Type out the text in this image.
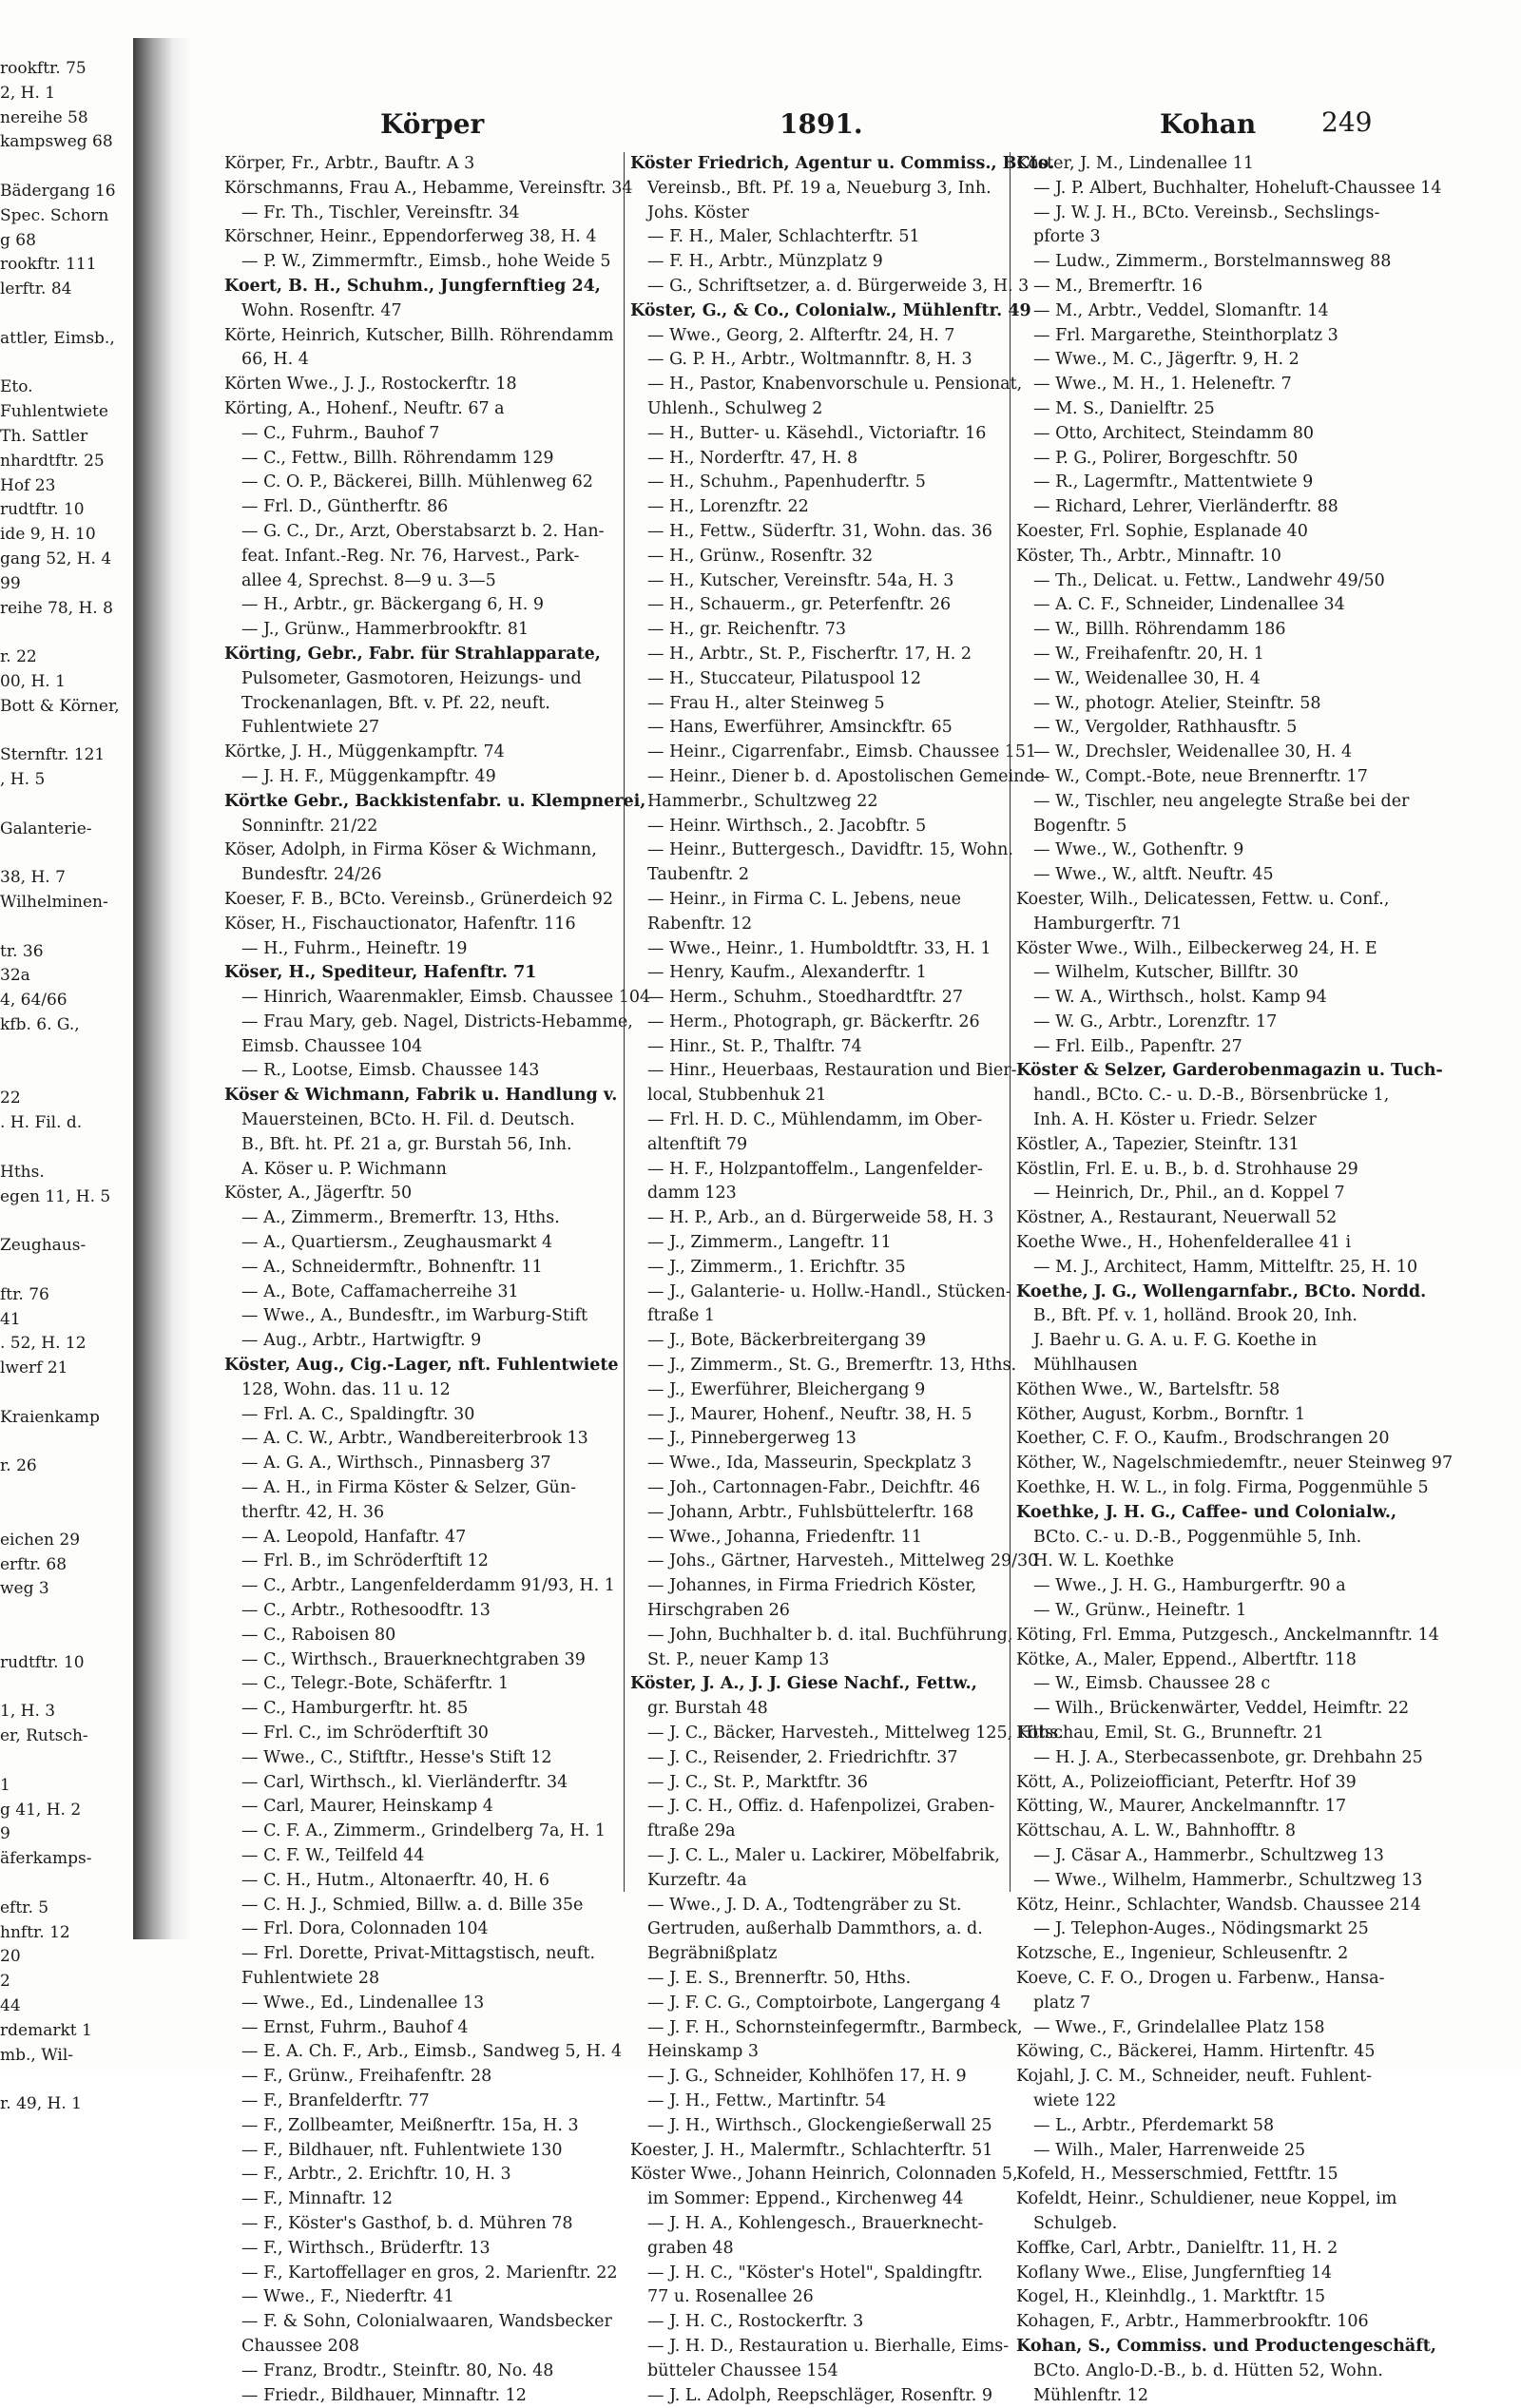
rookftr. 75
2, H. 1
nereihe 58
kampsweg 68

Bädergang 16
Spec. Schorn
g 68
rookftr. 111
lerftr. 84

attler, Eimsb.,

Eto.
Fuhlentwiete
Th. Sattler
nhardtftr. 25
Hof 23
rudtftr. 10
ide 9, H. 10
gang 52, H. 4
99
reihe 78, H. 8

r. 22
00, H. 1
Bott & Körner,

Sternftr. 121
, H. 5

Galanterie-

38, H. 7
Wilhelminen-

tr. 36
32a
4, 64/66
kfb. 6. G.,

22
. H. Fil. d.

Hths.
egen 11, H. 5

Zeughaus-

ftr. 76
41
. 52, H. 12
lwerf 21

Kraienkamp

r. 26

eichen 29
erftr. 68
weg 3

rudtftr. 10

1, H. 3
er, Rutsch-

1
g 41, H. 2
9
äferkamps-

eftr. 5
hnftr. 12
20
2
44
rdemarkt 1
mb., Wil-

r. 49, H. 1
Körper	1891.	Kohan 249
Körper, Fr., Arbtr., Bauftr. A 3
Körschmanns, Frau A., Hebamme, Vereinsftr. 34
— Fr. Th., Tischler, Vereinsftr. 34
Körschner, Heinr., Eppendorferweg 38, H. 4
— P. W., Zimmermftr., Eimsb., hohe Weide 5
Koert, B. H., Schuhm., Jungfernftieg 24,
Wohn. Rosenftr. 47
Körte, Heinrich, Kutscher, Billh. Röhrendamm
66, H. 4
Körten Wwe., J. J., Rostockerftr. 18
Körting, A., Hohenf., Neuftr. 67 a
— C., Fuhrm., Bauhof 7
— C., Fettw., Billh. Röhrendamm 129
— C. O. P., Bäckerei, Billh. Mühlenweg 62
— Frl. D., Güntherftr. 86
— G. C., Dr., Arzt, Oberstabsarzt b. 2. Han-
feat. Infant.-Reg. Nr. 76, Harvest., Park-
allee 4, Sprechst. 8—9 u. 3—5
— H., Arbtr., gr. Bäckergang 6, H. 9
— J., Grünw., Hammerbrookftr. 81
Körting, Gebr., Fabr. für Strahlapparate,
Pulsometer, Gasmotoren, Heizungs- und
Trockenanlagen, Bft. v. Pf. 22, neuft.
Fuhlentwiete 27
Körtke, J. H., Müggenkampftr. 74
— J. H. F., Müggenkampftr. 49
Körtke Gebr., Backkistenfabr. u. Klempnerei,
Sonninftr. 21/22
Köser, Adolph, in Firma Köser & Wichmann,
Bundesftr. 24/26
Koeser, F. B., BCto. Vereinsb., Grünerdeich 92
Köser, H., Fischauctionator, Hafenftr. 116
— H., Fuhrm., Heineftr. 19
Köser, H., Spediteur, Hafenftr. 71
— Hinrich, Waarenmakler, Eimsb. Chaussee 104
— Frau Mary, geb. Nagel, Districts-Hebamme,
Eimsb. Chaussee 104
— R., Lootse, Eimsb. Chaussee 143
Köser & Wichmann, Fabrik u. Handlung v.
Mauersteinen, BCto. H. Fil. d. Deutsch.
B., Bft. ht. Pf. 21 a, gr. Burstah 56, Inh.
A. Köser u. P. Wichmann
Köster, A., Jägerftr. 50
— A., Zimmerm., Bremerftr. 13, Hths.
— A., Quartiersm., Zeughausmarkt 4
— A., Schneidermftr., Bohnenftr. 11
— A., Bote, Caffamacherreihe 31
— Wwe., A., Bundesftr., im Warburg-Stift
— Aug., Arbtr., Hartwigftr. 9
Köster, Aug., Cig.-Lager, nft. Fuhlentwiete
128, Wohn. das. 11 u. 12
— Frl. A. C., Spaldingftr. 30
— A. C. W., Arbtr., Wandbereiterbrook 13
— A. G. A., Wirthsch., Pinnasberg 37
— A. H., in Firma Köster & Selzer, Gün-
therftr. 42, H. 36
— A. Leopold, Hanfaftr. 47
— Frl. B., im Schröderftift 12
— C., Arbtr., Langenfelderdamm 91/93, H. 1
— C., Arbtr., Rothesoodftr. 13
— C., Raboisen 80
— C., Wirthsch., Brauerknechtgraben 39
— C., Telegr.-Bote, Schäferftr. 1
— C., Hamburgerftr. ht. 85
— Frl. C., im Schröderftift 30
— Wwe., C., Stiftftr., Hesse's Stift 12
— Carl, Wirthsch., kl. Vierländerftr. 34
— Carl, Maurer, Heinskamp 4
— C. F. A., Zimmerm., Grindelberg 7a, H. 1
— C. F. W., Teilfeld 44
— C. H., Hutm., Altonaerftr. 40, H. 6
— C. H. J., Schmied, Billw. a. d. Bille 35e
— Frl. Dora, Colonnaden 104
— Frl. Dorette, Privat-Mittagstisch, neuft.
Fuhlentwiete 28
— Wwe., Ed., Lindenallee 13
— Ernst, Fuhrm., Bauhof 4
— E. A. Ch. F., Arb., Eimsb., Sandweg 5, H. 4
— F., Grünw., Freihafenftr. 28
— F., Branfelderftr. 77
— F., Zollbeamter, Meißnerftr. 15a, H. 3
— F., Bildhauer, nft. Fuhlentwiete 130
— F., Arbtr., 2. Erichftr. 10, H. 3
— F., Minnaftr. 12
— F., Köster's Gasthof, b. d. Mühren 78
— F., Wirthsch., Brüderftr. 13
— F., Kartoffellager en gros, 2. Marienftr. 22
— Wwe., F., Niederftr. 41
— F. & Sohn, Colonialwaaren, Wandsbecker
Chaussee 208
— Franz, Brodtr., Steinftr. 80, No. 48
— Friedr., Bildhauer, Minnaftr. 12
Köster Friedrich, Agentur u. Commiss., BCto.
Vereinsb., Bft. Pf. 19 a, Neueburg 3, Inh.
Johs. Köster
— F. H., Maler, Schlachterftr. 51
— F. H., Arbtr., Münzplatz 9
— G., Schriftsetzer, a. d. Bürgerweide 3, H. 3
Köster, G., & Co., Colonialw., Mühlenftr. 49
— Wwe., Georg, 2. Alfterftr. 24, H. 7
— G. P. H., Arbtr., Woltmannftr. 8, H. 3
— H., Pastor, Knabenvorschule u. Pensionat,
Uhlenh., Schulweg 2
— H., Butter- u. Käsehdl., Victoriaftr. 16
— H., Norderftr. 47, H. 8
— H., Schuhm., Papenhuderftr. 5
— H., Lorenzftr. 22
— H., Fettw., Süderftr. 31, Wohn. das. 36
— H., Grünw., Rosenftr. 32
— H., Kutscher, Vereinsftr. 54a, H. 3
— H., Schauerm., gr. Peterfenftr. 26
— H., gr. Reichenftr. 73
— H., Arbtr., St. P., Fischerftr. 17, H. 2
— H., Stuccateur, Pilatuspool 12
— Frau H., alter Steinweg 5
— Hans, Ewerführer, Amsinckftr. 65
— Heinr., Cigarrenfabr., Eimsb. Chaussee 151
— Heinr., Diener b. d. Apostolischen Gemeinde
Hammerbr., Schultzweg 22
— Heinr. Wirthsch., 2. Jacobftr. 5
— Heinr., Buttergesch., Davidftr. 15, Wohn.
Taubenftr. 2
— Heinr., in Firma C. L. Jebens, neue
Rabenftr. 12
— Wwe., Heinr., 1. Humboldtftr. 33, H. 1
— Henry, Kaufm., Alexanderftr. 1
— Herm., Schuhm., Stoedhardtftr. 27
— Herm., Photograph, gr. Bäckerftr. 26
— Hinr., St. P., Thalftr. 74
— Hinr., Heuerbaas, Restauration und Bier-
local, Stubbenhuk 21
— Frl. H. D. C., Mühlendamm, im Ober-
altenftift 79
— H. F., Holzpantoffelm., Langenfelder-
damm 123
— H. P., Arb., an d. Bürgerweide 58, H. 3
— J., Zimmerm., Langeftr. 11
— J., Zimmerm., 1. Erichftr. 35
— J., Galanterie- u. Hollw.-Handl., Stücken-
ftraße 1
— J., Bote, Bäckerbreitergang 39
— J., Zimmerm., St. G., Bremerftr. 13, Hths.
— J., Ewerführer, Bleichergang 9
— J., Maurer, Hohenf., Neuftr. 38, H. 5
— J., Pinnebergerweg 13
— Wwe., Ida, Masseurin, Speckplatz 3
— Joh., Cartonnagen-Fabr., Deichftr. 46
— Johann, Arbtr., Fuhlsbüttelerftr. 168
— Wwe., Johanna, Friedenftr. 11
— Johs., Gärtner, Harvesteh., Mittelweg 29/30
— Johannes, in Firma Friedrich Köster,
Hirschgraben 26
— John, Buchhalter b. d. ital. Buchführung,
St. P., neuer Kamp 13
Köster, J. A., J. J. Giese Nachf., Fettw.,
gr. Burstah 48
— J. C., Bäcker, Harvesteh., Mittelweg 125, Hths.
— J. C., Reisender, 2. Friedrichftr. 37
— J. C., St. P., Marktftr. 36
— J. C. H., Offiz. d. Hafenpolizei, Graben-
ftraße 29a
— J. C. L., Maler u. Lackirer, Möbelfabrik,
Kurzeftr. 4a
— Wwe., J. D. A., Todtengräber zu St.
Gertruden, außerhalb Dammthors, a. d.
Begräbnißplatz
— J. E. S., Brennerftr. 50, Hths.
— J. F. C. G., Comptoirbote, Langergang 4
— J. F. H., Schornsteinfegermftr., Barmbeck,
Heinskamp 3
— J. G., Schneider, Kohlhöfen 17, H. 9
— J. H., Fettw., Martinftr. 54
— J. H., Wirthsch., Glockengießerwall 25
Koester, J. H., Malermftr., Schlachterftr. 51
Köster Wwe., Johann Heinrich, Colonnaden 5,
im Sommer: Eppend., Kirchenweg 44
— J. H. A., Kohlengesch., Brauerknecht-
graben 48
— J. H. C., "Köster's Hotel", Spaldingftr.
77 u. Rosenallee 26
— J. H. C., Rostockerftr. 3
— J. H. D., Restauration u. Bierhalle, Eims-
bütteler Chaussee 154
— J. L. Adolph, Reepschläger, Rosenftr. 9
Köster, J. M., Lindenallee 11
— J. P. Albert, Buchhalter, Hoheluft-Chaussee 14
— J. W. J. H., BCto. Vereinsb., Sechslings-
pforte 3
— Ludw., Zimmerm., Borstelmannsweg 88
— M., Bremerftr. 16
— M., Arbtr., Veddel, Slomanftr. 14
— Frl. Margarethe, Steinthorplatz 3
— Wwe., M. C., Jägerftr. 9, H. 2
— Wwe., M. H., 1. Heleneftr. 7
— M. S., Danielftr. 25
— Otto, Architect, Steindamm 80
— P. G., Polirer, Borgeschftr. 50
— R., Lagermftr., Mattentwiete 9
— Richard, Lehrer, Vierländerftr. 88
Koester, Frl. Sophie, Esplanade 40
Köster, Th., Arbtr., Minnaftr. 10
— Th., Delicat. u. Fettw., Landwehr 49/50
— A. C. F., Schneider, Lindenallee 34
— W., Billh. Röhrendamm 186
— W., Freihafenftr. 20, H. 1
— W., Weidenallee 30, H. 4
— W., photogr. Atelier, Steinftr. 58
— W., Vergolder, Rathhausftr. 5
— W., Drechsler, Weidenallee 30, H. 4
— W., Compt.-Bote, neue Brennerftr. 17
— W., Tischler, neu angelegte Straße bei der
Bogenftr. 5
— Wwe., W., Gothenftr. 9
— Wwe., W., altft. Neuftr. 45
Koester, Wilh., Delicatessen, Fettw. u. Conf.,
Hamburgerftr. 71
Köster Wwe., Wilh., Eilbeckerweg 24, H. E
— Wilhelm, Kutscher, Billftr. 30
— W. A., Wirthsch., holst. Kamp 94
— W. G., Arbtr., Lorenzftr. 17
— Frl. Eilb., Papenftr. 27
Köster & Selzer, Garderobenmagazin u. Tuch-
handl., BCto. C.- u. D.-B., Börsenbrücke 1,
Inh. A. H. Köster u. Friedr. Selzer
Köstler, A., Tapezier, Steinftr. 131
Köstlin, Frl. E. u. B., b. d. Strohhause 29
— Heinrich, Dr., Phil., an d. Koppel 7
Köstner, A., Restaurant, Neuerwall 52
Koethe Wwe., H., Hohenfelderallee 41 i
— M. J., Architect, Hamm, Mittelftr. 25, H. 10
Koethe, J. G., Wollengarnfabr., BCto. Nordd.
B., Bft. Pf. v. 1, holländ. Brook 20, Inh.
J. Baehr u. G. A. u. F. G. Koethe in
Mühlhausen
Köthen Wwe., W., Bartelsftr. 58
Köther, August, Korbm., Bornftr. 1
Koether, C. F. O., Kaufm., Brodschrangen 20
Köther, W., Nagelschmiedemftr., neuer Steinweg 97
Koethke, H. W. L., in folg. Firma, Poggenmühle 5
Koethke, J. H. G., Caffee- und Colonialw.,
BCto. C.- u. D.-B., Poggenmühle 5, Inh.
H. W. L. Koethke
— Wwe., J. H. G., Hamburgerftr. 90 a
— W., Grünw., Heineftr. 1
Köting, Frl. Emma, Putzgesch., Anckelmannftr. 14
Kötke, A., Maler, Eppend., Albertftr. 118
— W., Eimsb. Chaussee 28 c
— Wilh., Brückenwärter, Veddel, Heimftr. 22
Kötschau, Emil, St. G., Brunneftr. 21
— H. J. A., Sterbecassenbote, gr. Drehbahn 25
Kött, A., Polizeiofficiant, Peterftr. Hof 39
Kötting, W., Maurer, Anckelmannftr. 17
Köttschau, A. L. W., Bahnhofftr. 8
— J. Cäsar A., Hammerbr., Schultzweg 13
— Wwe., Wilhelm, Hammerbr., Schultzweg 13
Kötz, Heinr., Schlachter, Wandsb. Chaussee 214
— J. Telephon-Auges., Nödingsmarkt 25
Kotzsche, E., Ingenieur, Schleusenftr. 2
Koeve, C. F. O., Drogen u. Farbenw., Hansa-
platz 7
— Wwe., F., Grindelallee Platz 158
Köwing, C., Bäckerei, Hamm. Hirtenftr. 45
Kojahl, J. C. M., Schneider, neuft. Fuhlent-
wiete 122
— L., Arbtr., Pferdemarkt 58
— Wilh., Maler, Harrenweide 25
Kofeld, H., Messerschmied, Fettftr. 15
Kofeldt, Heinr., Schuldiener, neue Koppel, im
Schulgeb.
Koffke, Carl, Arbtr., Danielftr. 11, H. 2
Koflany Wwe., Elise, Jungfernftieg 14
Kogel, H., Kleinhdlg., 1. Marktftr. 15
Kohagen, F., Arbtr., Hammerbrookftr. 106
Kohan, S., Commiss. und Productengeschäft,
BCto. Anglo-D.-B., b. d. Hütten 52, Wohn.
Mühlenftr. 12
